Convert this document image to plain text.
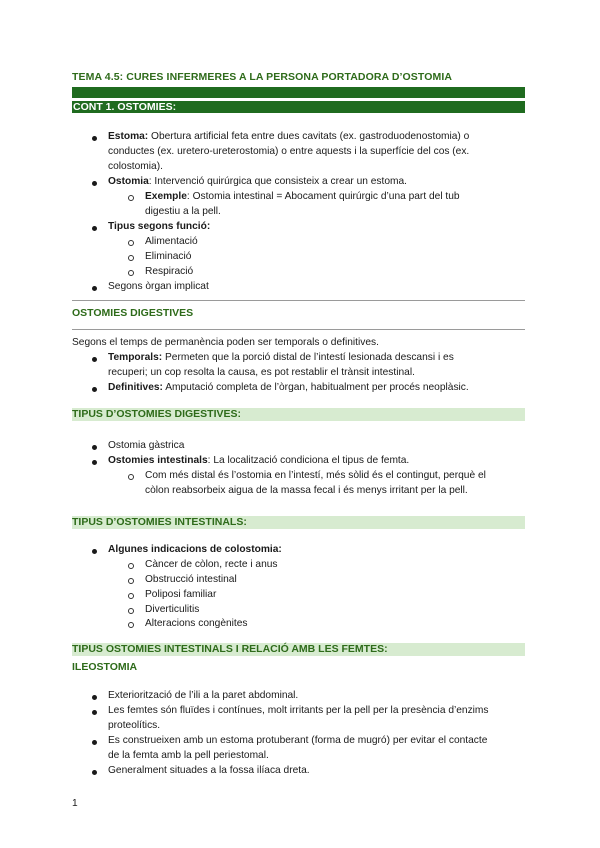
TEMA 4.5: CURES INFERMERES A LA PERSONA PORTADORA D’OSTOMIA
CONT 1. OSTOMIES:
Estoma: Obertura artificial feta entre dues cavitats (ex. gastroduodenostomia) o
conductes (ex. uretero-ureterostomia) o entre aquests i la superfície del cos (ex.
colostomia).
Ostomia: Intervenció quirúrgica que consisteix a crear un estoma.
Exemple: Ostomia intestinal = Abocament quirúrgic d’una part del tub
digestiu a la pell.
Tipus segons funció:
Alimentació
Eliminació
Respiració
Segons òrgan implicat
OSTOMIES DIGESTIVES
Segons el temps de permanència poden ser temporals o definitives.
Temporals: Permeten que la porció distal de l’intestí lesionada descansi i es
recuperi; un cop resolta la causa, es pot restablir el trànsit intestinal.
Definitives: Amputació completa de l’òrgan, habitualment per procés neoplàsic.
TIPUS D’OSTOMIES DIGESTIVES:
Ostomia gàstrica
Ostomies intestinals: La localització condiciona el tipus de femta.
Com més distal és l’ostomia en l’intestí, més sòlid és el contingut, perquè el
còlon reabsorbeix aigua de la massa fecal i és menys irritant per la pell.
TIPUS D’OSTOMIES INTESTINALS:
Algunes indicacions de colostomia:
Càncer de còlon, recte i anus
Obstrucció intestinal
Poliposi familiar
Diverticulitis
Alteracions congènites
TIPUS OSTOMIES INTESTINALS I RELACIÓ AMB LES FEMTES:
ILEOSTOMIA
Exteriorització de l’ili a la paret abdominal.
Les femtes són fluïdes i contínues, molt irritants per la pell per la presència d’enzims
proteolítics.
Es construeixen amb un estoma protuberant (forma de mugró) per evitar el contacte
de la femta amb la pell periestomal.
Generalment situades a la fossa ilíaca dreta.
1
